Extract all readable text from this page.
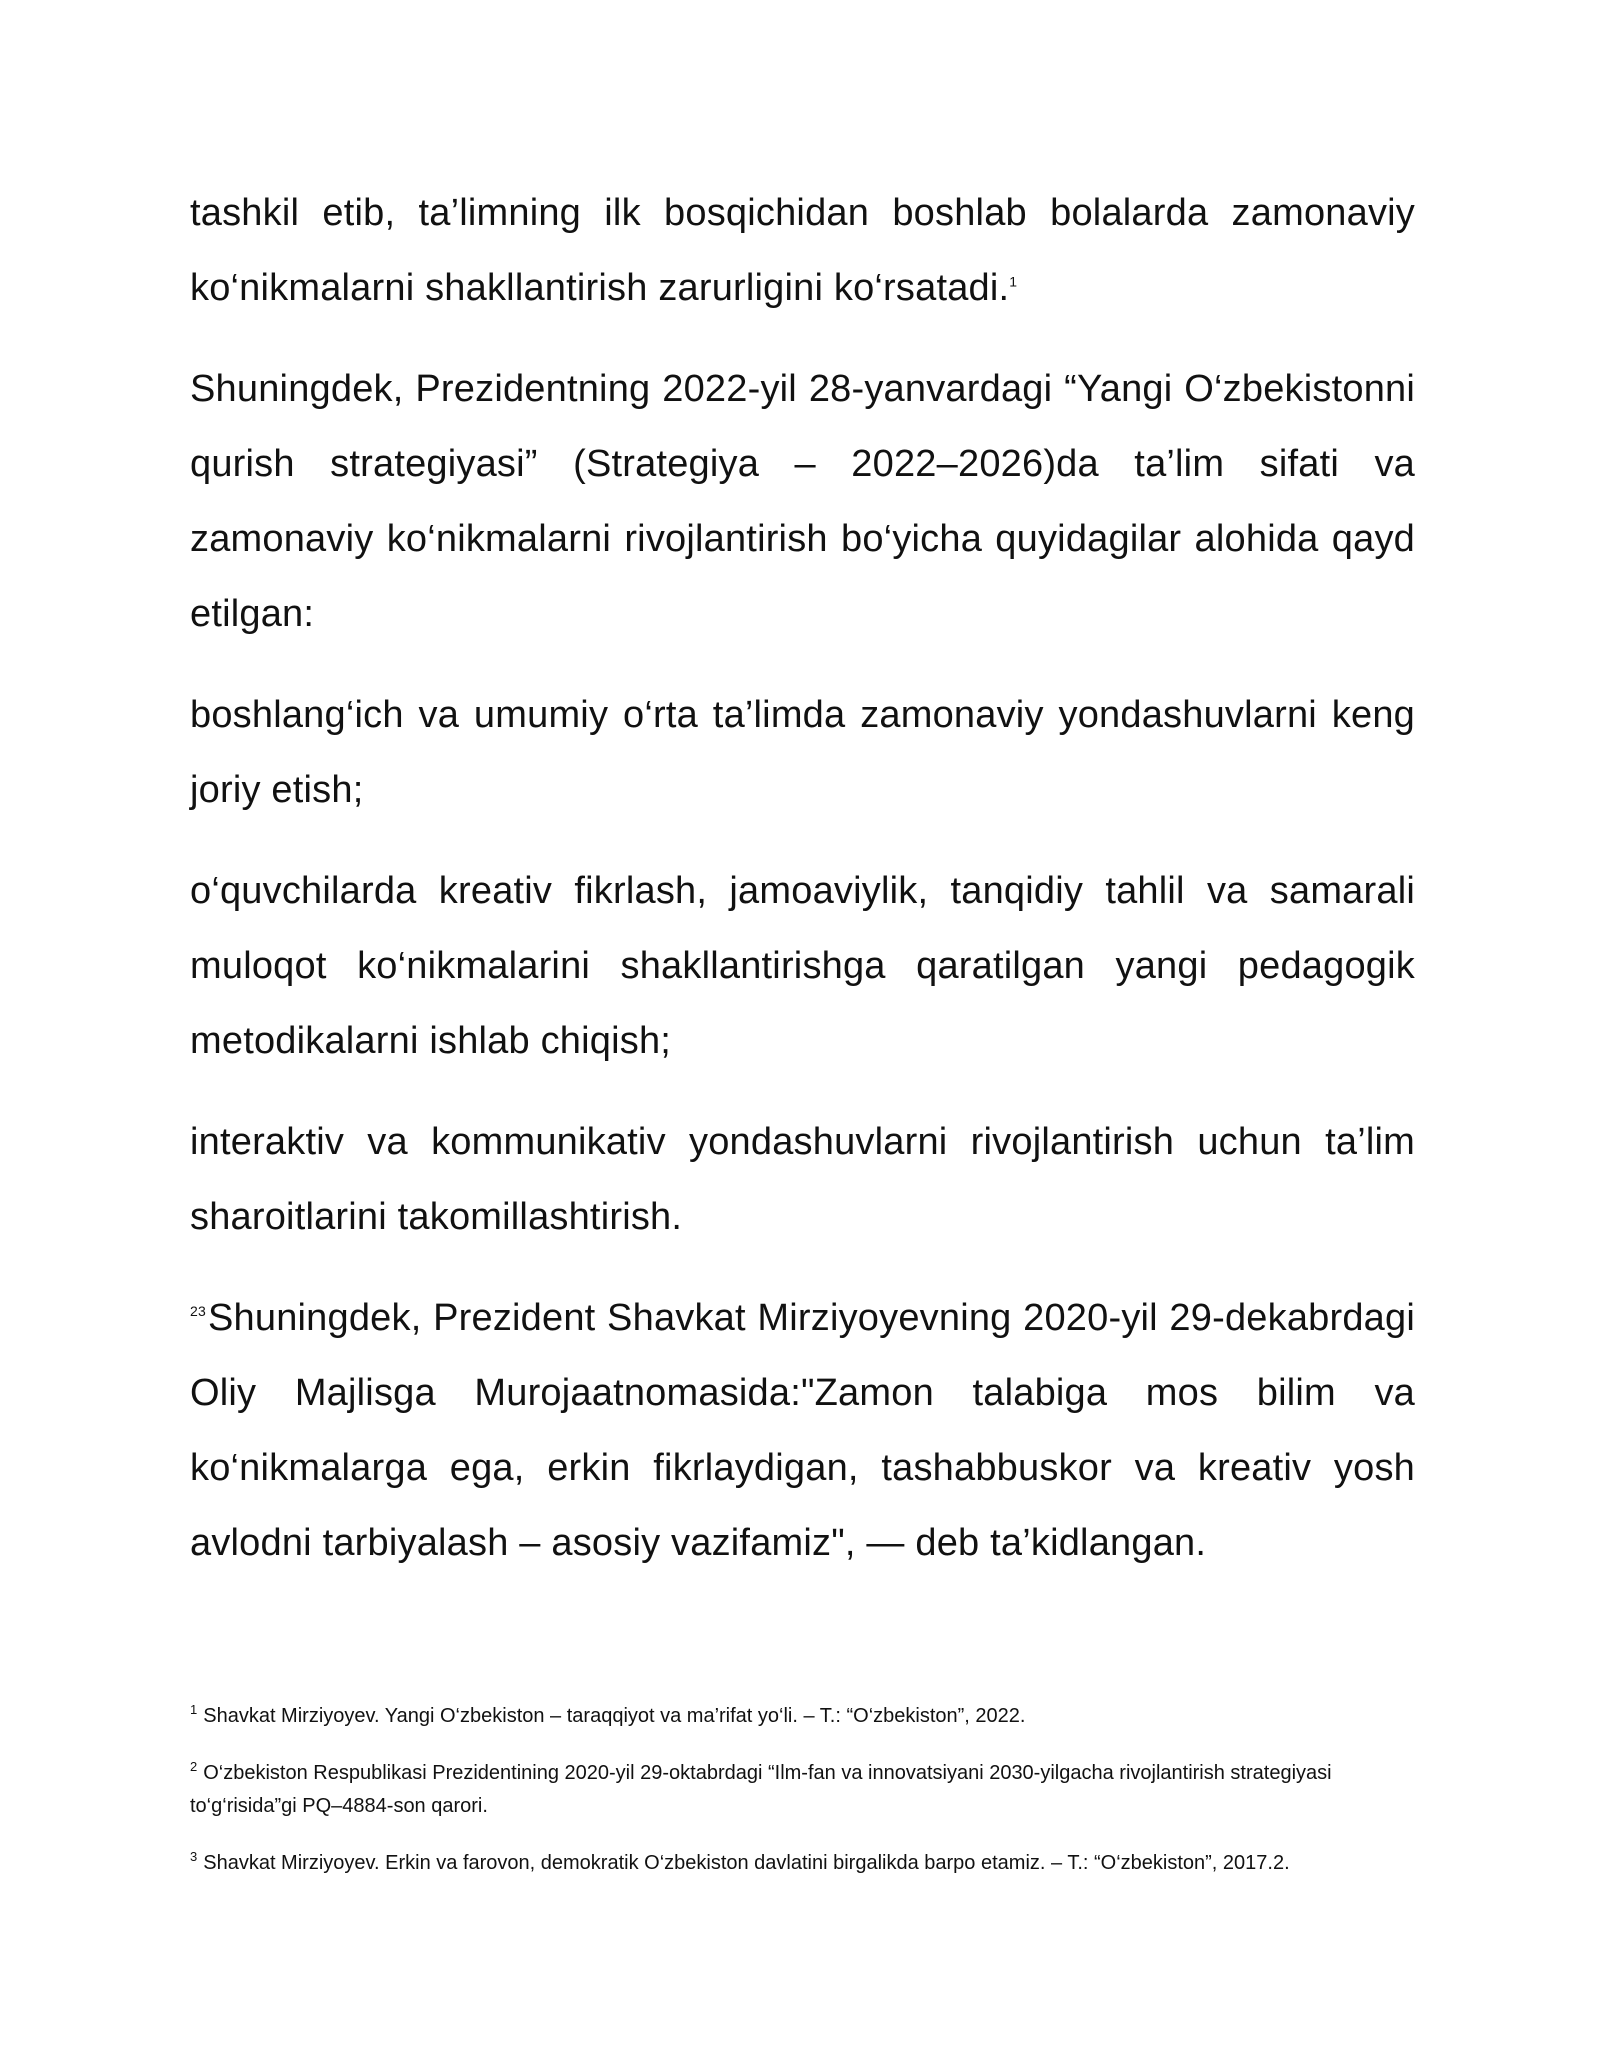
tashkil etib, ta’limning ilk bosqichidan boshlab bolalarda zamonaviy ko‘nikmalarni shakllantirish zarurligini ko‘rsatadi.$^1$

Shuningdek, Prezidentning 2022-yil 28-yanvardagi “Yangi O‘zbekistonni qurish strategiyasi” (Strategiya – 2022–2026)da ta’lim sifati va zamonaviy ko‘nikmalarni rivojlantirish bo‘yicha quyidagilar alohida qayd etilgan:

boshlang‘ich va umumiy o‘rta ta’limda zamonaviy yondashuvlarni keng joriy etish;

o‘quvchilarda kreativ fikrlash, jamoaviylik, tanqidiy tahlil va samarali muloqot ko‘nikmalarini shakllantirishga qaratilgan yangi pedagogik metodikalarni ishlab chiqish;

interaktiv va kommunikativ yondashuvlarni rivojlantirish uchun ta’lim sharoitlarini takomillashtirish.

$^{23}$Shuningdek, Prezident Shavkat Mirziyoyevning 2020-yil 29-dekabrdagi Oliy Majlisga Murojaatnomasida:"Zamon talabiga mos bilim va ko‘nikmalarga ega, erkin fikrlaydigan, tashabbuskor va kreativ yosh avlodni tarbiyalash – asosiy vazifamiz", — deb ta’kidlangan.

$^1$ Shavkat Mirziyoyev. Yangi O‘zbekiston – taraqqiyot va ma’rifat yo‘li. – T.: “O‘zbekiston”, 2022.

$^2$ O‘zbekiston Respublikasi Prezidentining 2020-yil 29-oktabrdagi “Ilm-fan va innovatsiyani 2030-yilgacha rivojlantirish strategiyasi to‘g‘risida”gi PQ–4884-son qarori.

$^3$ Shavkat Mirziyoyev. Erkin va farovon, demokratik O‘zbekiston davlatini birgalikda barpo etamiz. – T.: “O‘zbekiston”, 2017.2.
